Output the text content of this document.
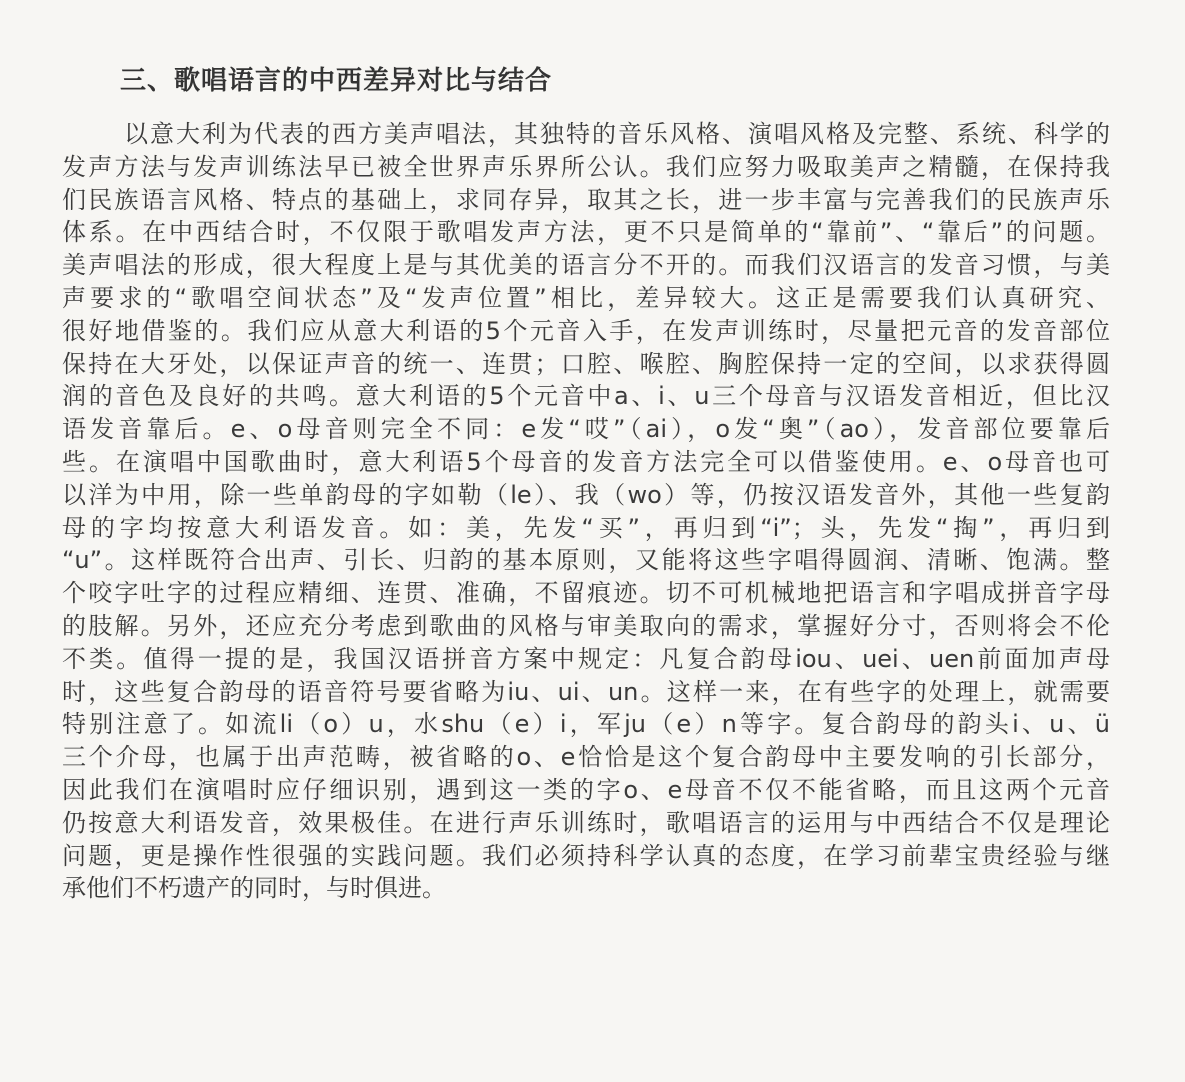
三、歌唱语言的中西差异对比与结合
以意大利为代表的西方美声唱法，其独特的音乐风格、演唱风格及完整、系统、科学的
发声方法与发声训练法早已被全世界声乐界所公认。我们应努力吸取美声之精髓，在保持我
们民族语言风格、特点的基础上，求同存异，取其之长，进一步丰富与完善我们的民族声乐
体系。在中西结合时，不仅限于歌唱发声方法，更不只是简单的“靠前”、“靠后”的问题。
美声唱法的形成，很大程度上是与其优美的语言分不开的。而我们汉语言的发音习惯，与美
声要求的“歌唱空间状态”及“发声位置”相比，差异较大。这正是需要我们认真研究、
很好地借鉴的。我们应从意大利语的5个元音入手，在发声训练时，尽量把元音的发音部位
保持在大牙处，以保证声音的统一、连贯；口腔、喉腔、胸腔保持一定的空间，以求获得圆
润的音色及良好的共鸣。意大利语的5个元音中a、i、u三个母音与汉语发音相近，但比汉
语发音靠后。e、o母音则完全不同：e发“哎”（ai），o发“奥”（ao），发音部位要靠后
些。在演唱中国歌曲时，意大利语5个母音的发音方法完全可以借鉴使用。e、o母音也可
以洋为中用，除一些单韵母的字如勒（le）、我（wo）等，仍按汉语发音外，其他一些复韵
母的字均按意大利语发音。如：美，先发“买”，再归到“i”；头，先发“掏”，再归到
“u”。这样既符合出声、引长、归韵的基本原则，又能将这些字唱得圆润、清晰、饱满。整
个咬字吐字的过程应精细、连贯、准确，不留痕迹。切不可机械地把语言和字唱成拼音字母
的肢解。另外，还应充分考虑到歌曲的风格与审美取向的需求，掌握好分寸，否则将会不伦
不类。值得一提的是，我国汉语拼音方案中规定：凡复合韵母iou、uei、uen前面加声母
时，这些复合韵母的语音符号要省略为iu、ui、un。这样一来，在有些字的处理上，就需要
特别注意了。如流li（o）u，水shu（e）i，军ju（e）n等字。复合韵母的韵头i、u、ü
三个介母，也属于出声范畴，被省略的o、e恰恰是这个复合韵母中主要发响的引长部分，
因此我们在演唱时应仔细识别，遇到这一类的字o、e母音不仅不能省略，而且这两个元音
仍按意大利语发音，效果极佳。在进行声乐训练时，歌唱语言的运用与中西结合不仅是理论
问题，更是操作性很强的实践问题。我们必须持科学认真的态度，在学习前辈宝贵经验与继
承他们不朽遗产的同时，与时俱进。
